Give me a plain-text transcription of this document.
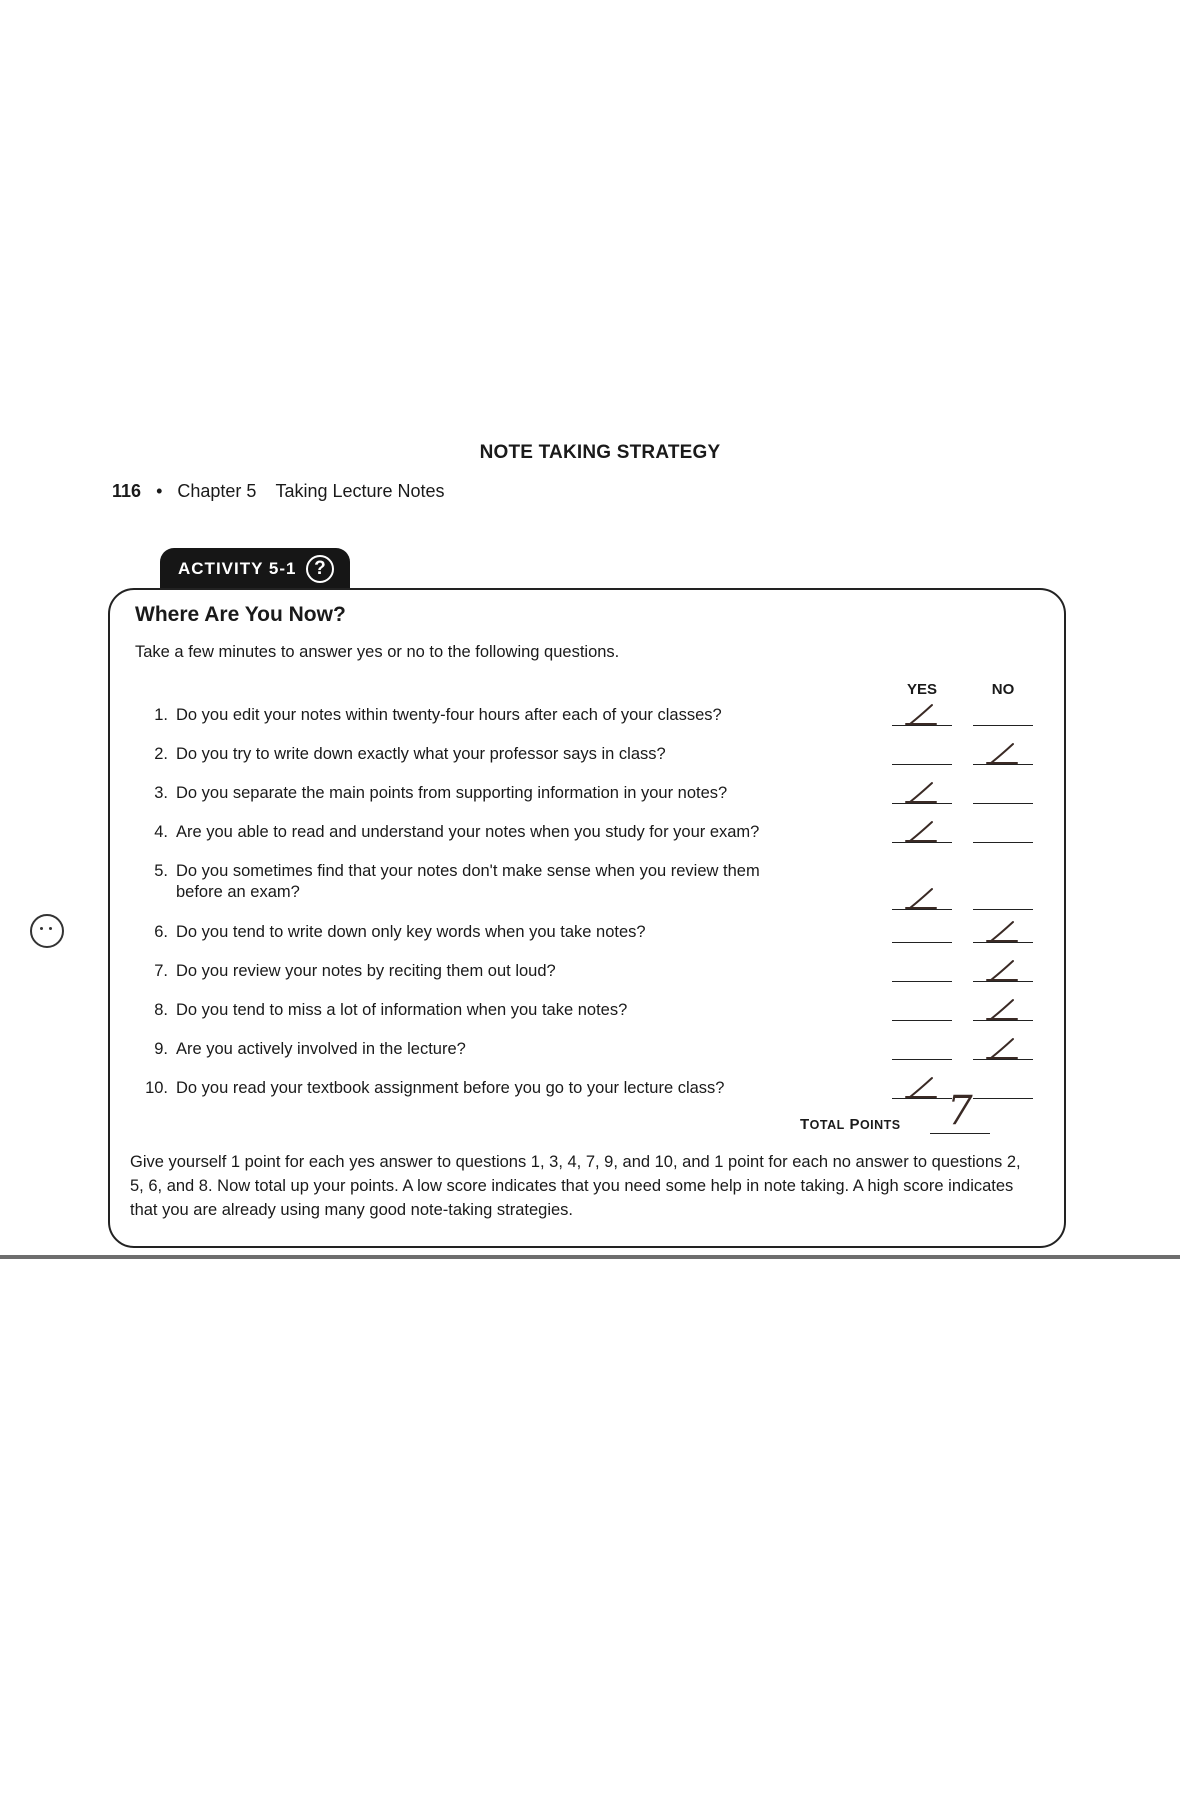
NOTE TAKING STRATEGY
116 • Chapter 5 Taking Lecture Notes
ACTIVITY 5-1 ?
Where Are You Now?
Take a few minutes to answer yes or no to the following questions.
YES	NO
1. Do you edit your notes within twenty-four hours after each of your classes?
2. Do you try to write down exactly what your professor says in class?
3. Do you separate the main points from supporting information in your notes?
4. Are you able to read and understand your notes when you study for your exam?
5. Do you sometimes find that your notes don't make sense when you review them
before an exam?
6. Do you tend to write down only key words when you take notes?
7. Do you review your notes by reciting them out loud?
8. Do you tend to miss a lot of information when you take notes?
9. Are you actively involved in the lecture?
10. Do you read your textbook assignment before you go to your lecture class?
TOTAL POINTS	7
Give yourself 1 point for each yes answer to questions 1, 3, 4, 7, 9, and 10, and 1 point for each no answer to questions 2, 5, 6, and 8. Now total up your points. A low score indicates that you need some help in note taking. A high score indicates that you are already using many good note-taking strategies.
